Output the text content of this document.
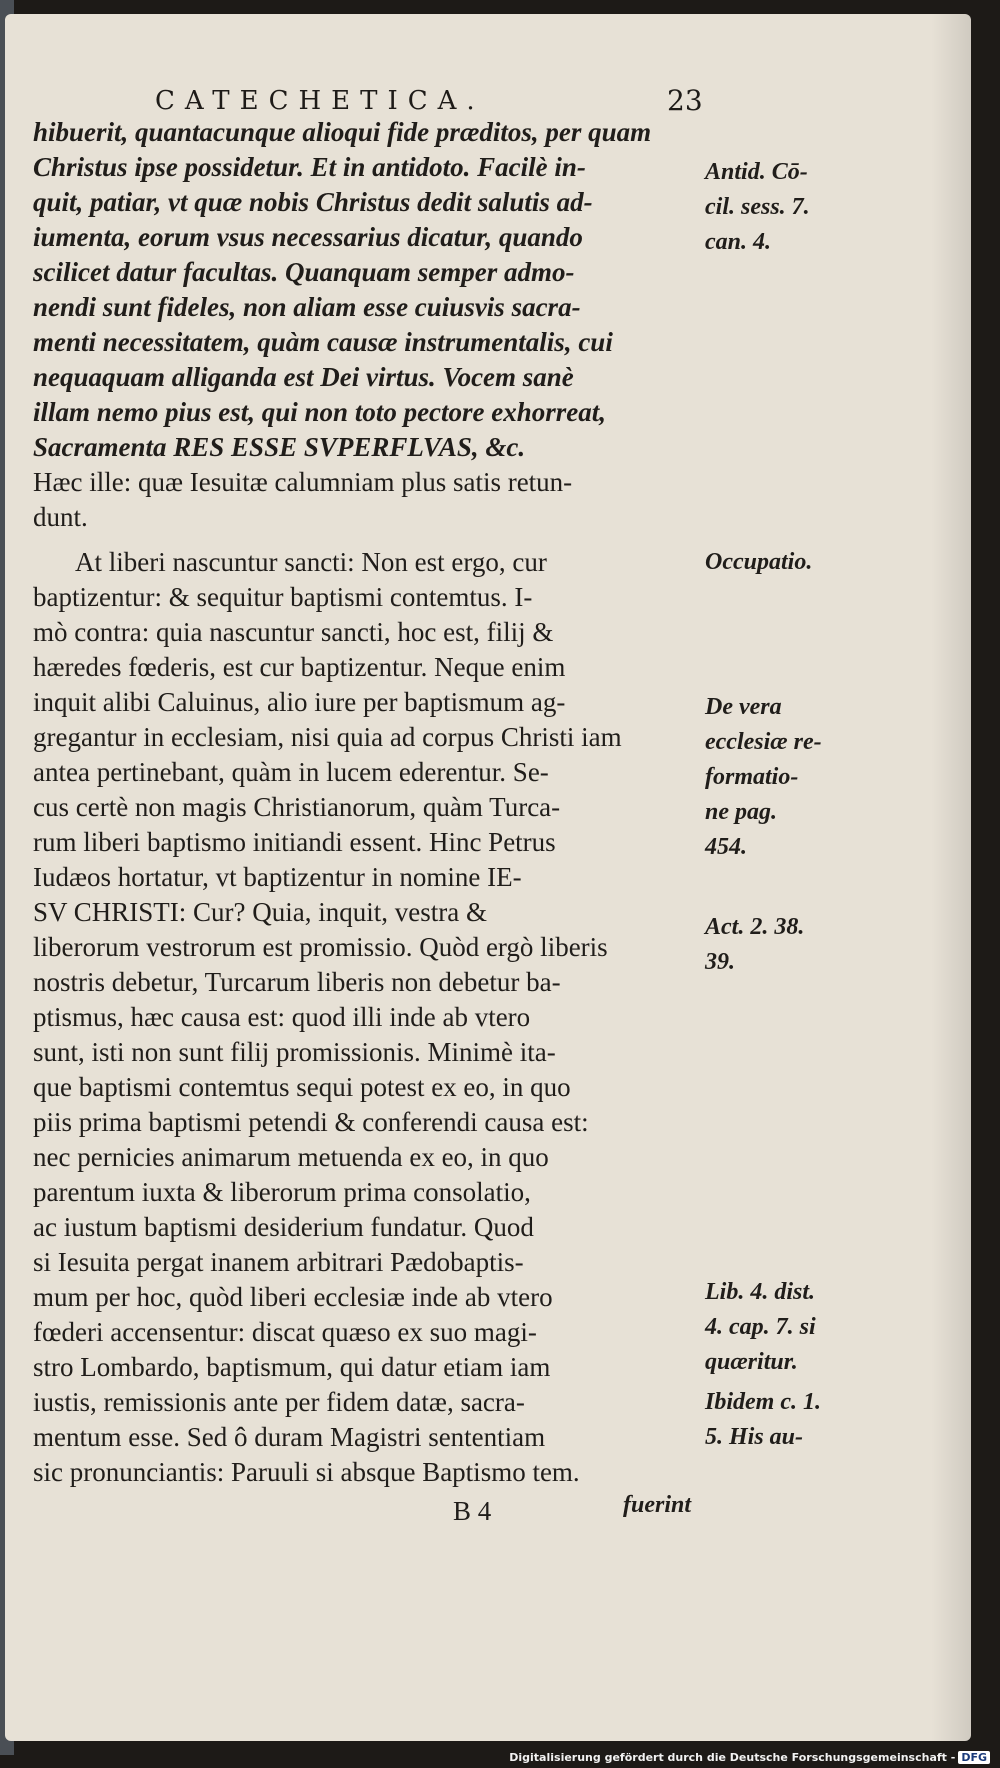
CATECHETICA.	23
hibuerit, quantacunque alioqui fide præditos, per quam
Christus ipse possidetur. Et in antidoto. Facilè in-
quit, patiar, vt quæ nobis Christus dedit salutis ad-
iumenta, eorum vsus necessarius dicatur, quando
scilicet datur facultas. Quanquam semper admo-
nendi sunt fideles, non aliam esse cuiusvis sacra-
menti necessitatem, quàm causæ instrumentalis, cui
nequaquam alliganda est Dei virtus. Vocem sanè
illam nemo pius est, qui non toto pectore exhorreat,
Sacramenta RES ESSE SVPERFLVAS, &c.
Hæc ille: quæ Iesuitæ calumniam plus satis retun-
dunt.
At liberi nascuntur sancti: Non est ergo, cur
baptizentur: & sequitur baptismi contemtus. I-
mò contra: quia nascuntur sancti, hoc est, filij &
hæredes fœderis, est cur baptizentur. Neque enim
inquit alibi Caluinus, alio iure per baptismum ag-
gregantur in ecclesiam, nisi quia ad corpus Christi iam
antea pertinebant, quàm in lucem ederentur. Se-
cus certè non magis Christianorum, quàm Turca-
rum liberi baptismo initiandi essent. Hinc Petrus
Iudæos hortatur, vt baptizentur in nomine IE-
SV CHRISTI: Cur? Quia, inquit, vestra &
liberorum vestrorum est promissio. Quòd ergò liberis
nostris debetur, Turcarum liberis non debetur ba-
ptismus, hæc causa est: quod illi inde ab vtero
sunt, isti non sunt filij promissionis. Minimè ita-
que baptismi contemtus sequi potest ex eo, in quo
piis prima baptismi petendi & conferendi causa est:
nec pernicies animarum metuenda ex eo, in quo
parentum iuxta & liberorum prima consolatio,
ac iustum baptismi desiderium fundatur. Quod
si Iesuita pergat inanem arbitrari Pædobaptis-
mum per hoc, quòd liberi ecclesiæ inde ab vtero
fœderi accensentur: discat quæso ex suo magi-
stro Lombardo, baptismum, qui datur etiam iam
iustis, remissionis ante per fidem datæ, sacra-
mentum esse. Sed ô duram Magistri sententiam
sic pronunciantis: Paruuli si absque Baptismo tem.
Antid. Cō-
cil. sess. 7.
can. 4.
Occupatio.
De vera
ecclesiæ re-
formatio-
ne pag.
454.
Act. 2. 38.
39.
Lib. 4. dist.
4. cap. 7. si
quæritur.
Ibidem c. 1.
5. His au-
B 4	fuerint
Digitalisierung gefördert durch die Deutsche Forschungsgemeinschaft - DFG
